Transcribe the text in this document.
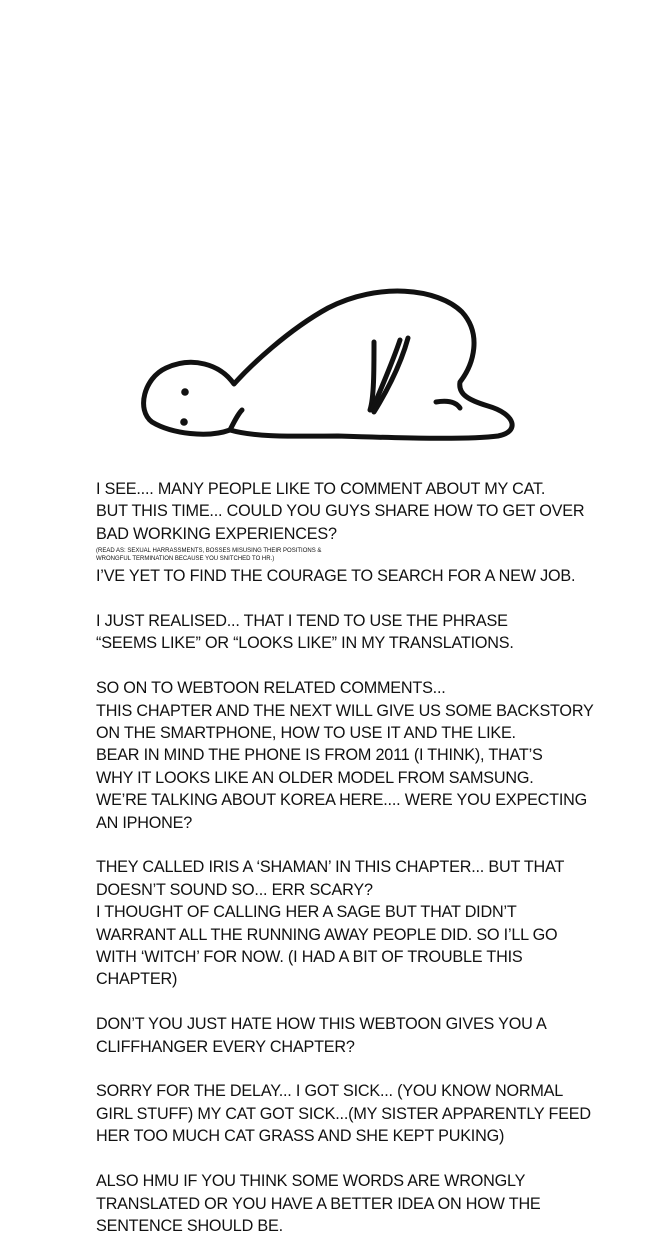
I SEE.... MANY PEOPLE LIKE TO COMMENT ABOUT MY CAT.
BUT THIS TIME... COULD YOU GUYS SHARE HOW TO GET OVER
BAD WORKING EXPERIENCES?
(READ AS: SEXUAL HARRASSMENTS, BOSSES MISUSING THEIR POSITIONS &
WRONGFUL TERMINATION BECAUSE YOU SNITCHED TO HR.)
I’VE YET TO FIND THE COURAGE TO SEARCH FOR A NEW JOB.
I JUST REALISED... THAT I TEND TO USE THE PHRASE
“SEEMS LIKE” OR “LOOKS LIKE” IN MY TRANSLATIONS.
SO ON TO WEBTOON RELATED COMMENTS...
THIS CHAPTER AND THE NEXT WILL GIVE US SOME BACKSTORY
ON THE SMARTPHONE, HOW TO USE IT AND THE LIKE.
BEAR IN MIND THE PHONE IS FROM 2011 (I THINK), THAT’S
WHY IT LOOKS LIKE AN OLDER MODEL FROM SAMSUNG.
WE’RE TALKING ABOUT KOREA HERE.... WERE YOU EXPECTING
AN IPHONE?
THEY CALLED IRIS A ‘SHAMAN’ IN THIS CHAPTER... BUT THAT
DOESN’T SOUND SO... ERR SCARY?
I THOUGHT OF CALLING HER A SAGE BUT THAT DIDN’T
WARRANT ALL THE RUNNING AWAY PEOPLE DID. SO I’LL GO
WITH ‘WITCH’ FOR NOW. (I HAD A BIT OF TROUBLE THIS
CHAPTER)
DON’T YOU JUST HATE HOW THIS WEBTOON GIVES YOU A
CLIFFHANGER EVERY CHAPTER?
SORRY FOR THE DELAY... I GOT SICK... (YOU KNOW NORMAL
GIRL STUFF) MY CAT GOT SICK...(MY SISTER APPARENTLY FEED
HER TOO MUCH CAT GRASS AND SHE KEPT PUKING)
ALSO HMU IF YOU THINK SOME WORDS ARE WRONGLY
TRANSLATED OR YOU HAVE A BETTER IDEA ON HOW THE
SENTENCE SHOULD BE.
